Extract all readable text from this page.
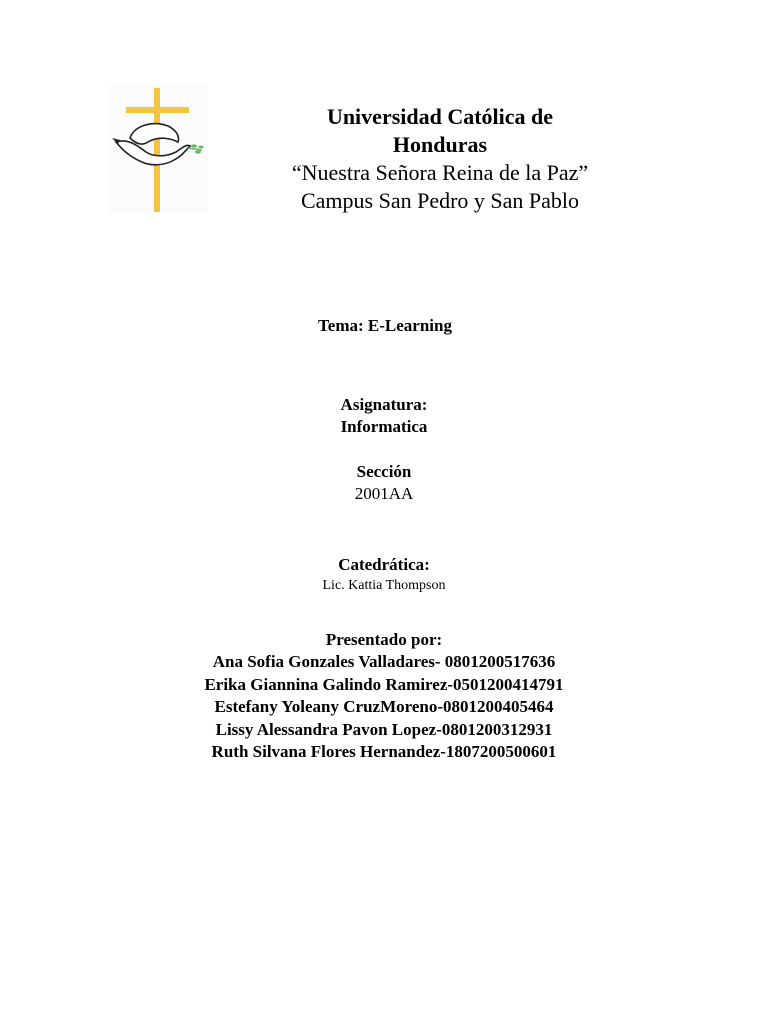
Universidad Católica de

Honduras

“Nuestra Señora Reina de la Paz”

Campus San Pedro y San Pablo

Tema: E-Learning
Asignatura:
Informatica
Sección
2001AA
Catedrática:
Lic. Kattia Thompson
Presentado por:
Ana Sofia Gonzales Valladares- 0801200517636
Erika Giannina Galindo Ramirez-0501200414791
Estefany Yoleany CruzMoreno-0801200405464
Lissy Alessandra Pavon Lopez-0801200312931
Ruth Silvana Flores Hernandez-1807200500601
